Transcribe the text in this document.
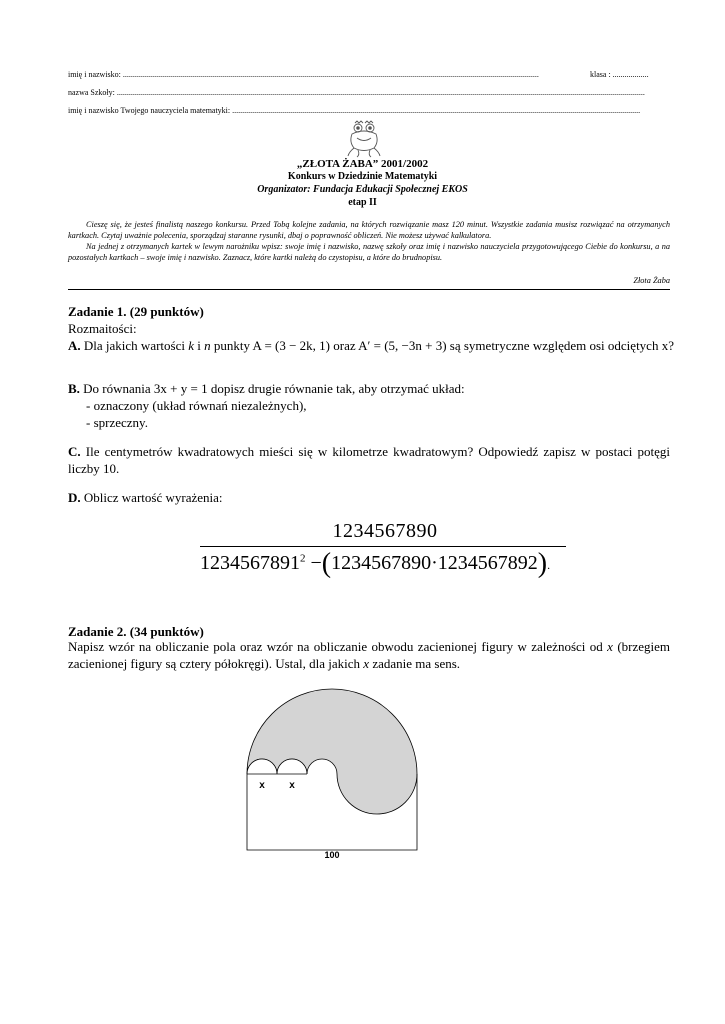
imię i nazwisko: ................................................................................................................................................................................................................	klasa : ..................
nazwa Szkoły: ........................................................................................................................................................................................................................................................................
imię i nazwisko Twojego nauczyciela matematyki: ............................................................................................................................................................................................................
„ZŁOTA ŻABA” 2001/2002
Konkurs w Dziedzinie Matematyki
Organizator: Fundacja Edukacji Społecznej EKOS
etap II

Cieszę się, że jesteś finalistą naszego konkursu. Przed Tobą kolejne zadania, na których rozwiązanie masz 120 minut. Wszystkie zadania musisz rozwiązać na otrzymanych kartkach. Czytaj uważnie polecenia, sporządzaj staranne rysunki, dbaj o poprawność obliczeń. Nie możesz używać kalkulatora.

Na jednej z otrzymanych kartek w lewym narożniku wpisz: swoje imię i nazwisko, nazwę szkoły oraz imię i nazwisko nauczyciela przygotowującego Ciebie do konkursu, a na pozostałych kartkach – swoje imię i nazwisko. Zaznacz, które kartki należą do czystopisu, a które do brudnopisu.

Złota Żaba
Zadanie 1. (29 punktów)
Rozmaitości:
A. Dla jakich wartości k i n punkty A = (3 − 2k, 1) oraz A′ = (5, −3n + 3) są symetryczne względem osi odciętych x?
B. Do równania 3x + y = 1 dopisz drugie równanie tak, aby otrzymać układ:
- oznaczony (układ równań niezależnych),
- sprzeczny.
C. Ile centymetrów kwadratowych mieści się w kilometrze kwadratowym? Odpowiedź zapisz w postaci potęgi liczby 10.
D. Oblicz wartość wyrażenia:
1234567890
$1234567891^2 -(1234567890\cdot 1234567892)$.
Zadanie 2. (34 punktów)
Napisz wzór na obliczanie pola oraz wzór na obliczanie obwodu zacienionej figury w zależności od x (brzegiem zacienionej figury są cztery półokręgi). Ustal, dla jakich x zadanie ma sens.
x x
100
